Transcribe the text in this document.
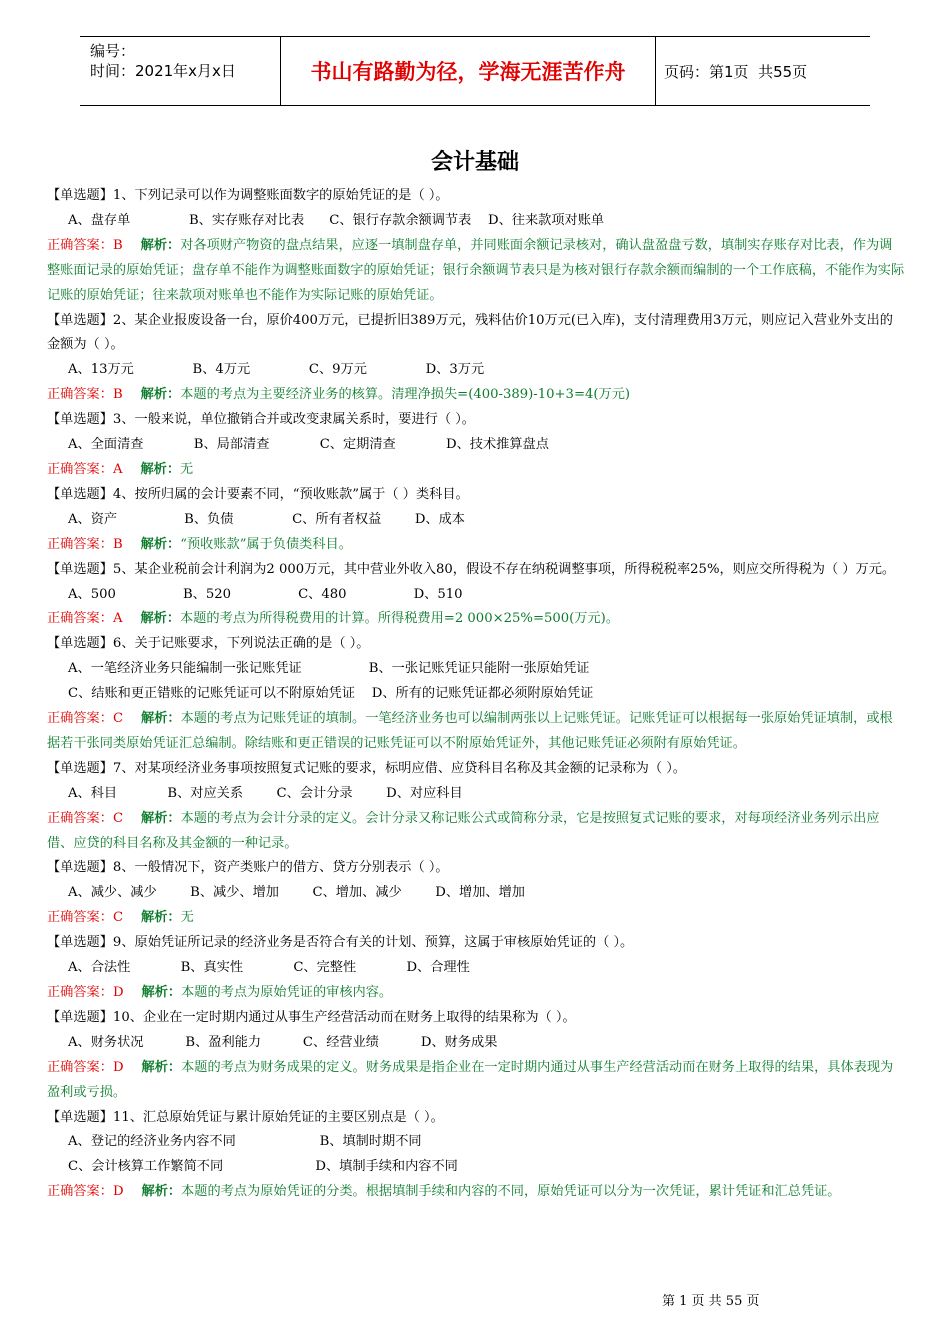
编号：
时间：2021年x月x日	书山有路勤为径，学海无涯苦作舟	页码：第1页  共55页
会计基础

【单选题】1、下列记录可以作为调整账面数字的原始凭证的是（ ）。

A、盘存单              B、实存账存对比表      C、银行存款余额调节表    D、往来款项对账单

正确答案：B 解析：对各项财产物资的盘点结果，应逐一填制盘存单，并同账面余额记录核对，确认盘盈盘亏数，填制实存账存对比表，作为调整账面记录的原始凭证；盘存单不能作为调整账面数字的原始凭证；银行余额调节表只是为核对银行存款余额而编制的一个工作底稿，不能作为实际记账的原始凭证；往来款项对账单也不能作为实际记账的原始凭证。

【单选题】2、某企业报废设备一台，原价400万元，已提折旧389万元，残料估价10万元(已入库)，支付清理费用3万元，则应记入营业外支出的金额为（ ）。

A、13万元              B、4万元              C、9万元              D、3万元

正确答案：B 解析：本题的考点为主要经济业务的核算。清理净损失=(400-389)-10+3=4(万元)

【单选题】3、一般来说，单位撤销合并或改变隶属关系时，要进行（ ）。

A、全面清查            B、局部清查            C、定期清查            D、技术推算盘点

正确答案：A 解析：无

【单选题】4、按所归属的会计要素不同，“预收账款”属于（ ）类科目。

A、资产                B、负债              C、所有者权益        D、成本

正确答案：B 解析：“预收账款”属于负债类科目。

【单选题】5、某企业税前会计利润为2 000万元，其中营业外收入80，假设不存在纳税调整事项，所得税税率25%，则应交所得税为（ ）万元。

A、500                B、520                C、480                D、510

正确答案：A 解析：本题的考点为所得税费用的计算。所得税费用=2 000×25%=500(万元)。

【单选题】6、关于记账要求，下列说法正确的是（ ）。

A、一笔经济业务只能编制一张记账凭证                B、一张记账凭证只能附一张原始凭证

C、结账和更正错账的记账凭证可以不附原始凭证    D、所有的记账凭证都必须附原始凭证

正确答案：C 解析：本题的考点为记账凭证的填制。一笔经济业务也可以编制两张以上记账凭证。记账凭证可以根据每一张原始凭证填制，或根据若干张同类原始凭证汇总编制。除结账和更正错误的记账凭证可以不附原始凭证外，其他记账凭证必须附有原始凭证。

【单选题】7、对某项经济业务事项按照复式记账的要求，标明应借、应贷科目名称及其金额的记录称为（ ）。

A、科目            B、对应关系        C、会计分录        D、对应科目

正确答案：C 解析：本题的考点为会计分录的定义。会计分录又称记账公式或简称分录，它是按照复式记账的要求，对每项经济业务列示出应借、应贷的科目名称及其金额的一种记录。

【单选题】8、一般情况下，资产类账户的借方、贷方分别表示（ ）。

A、减少、减少        B、减少、增加        C、增加、减少        D、增加、增加

正确答案：C 解析：无

【单选题】9、原始凭证所记录的经济业务是否符合有关的计划、预算，这属于审核原始凭证的（ ）。

A、合法性            B、真实性            C、完整性            D、合理性

正确答案：D 解析：本题的考点为原始凭证的审核内容。

【单选题】10、企业在一定时期内通过从事生产经营活动而在财务上取得的结果称为（ ）。

A、财务状况          B、盈利能力          C、经营业绩          D、财务成果

正确答案：D 解析：本题的考点为财务成果的定义。财务成果是指企业在一定时期内通过从事生产经营活动而在财务上取得的结果，具体表现为盈利或亏损。

【单选题】11、汇总原始凭证与累计原始凭证的主要区别点是（ ）。

A、登记的经济业务内容不同                    B、填制时期不同

C、会计核算工作繁简不同                      D、填制手续和内容不同

正确答案：D 解析：本题的考点为原始凭证的分类。根据填制手续和内容的不同，原始凭证可以分为一次凭证，累计凭证和汇总凭证。

第 1 页 共 55 页
